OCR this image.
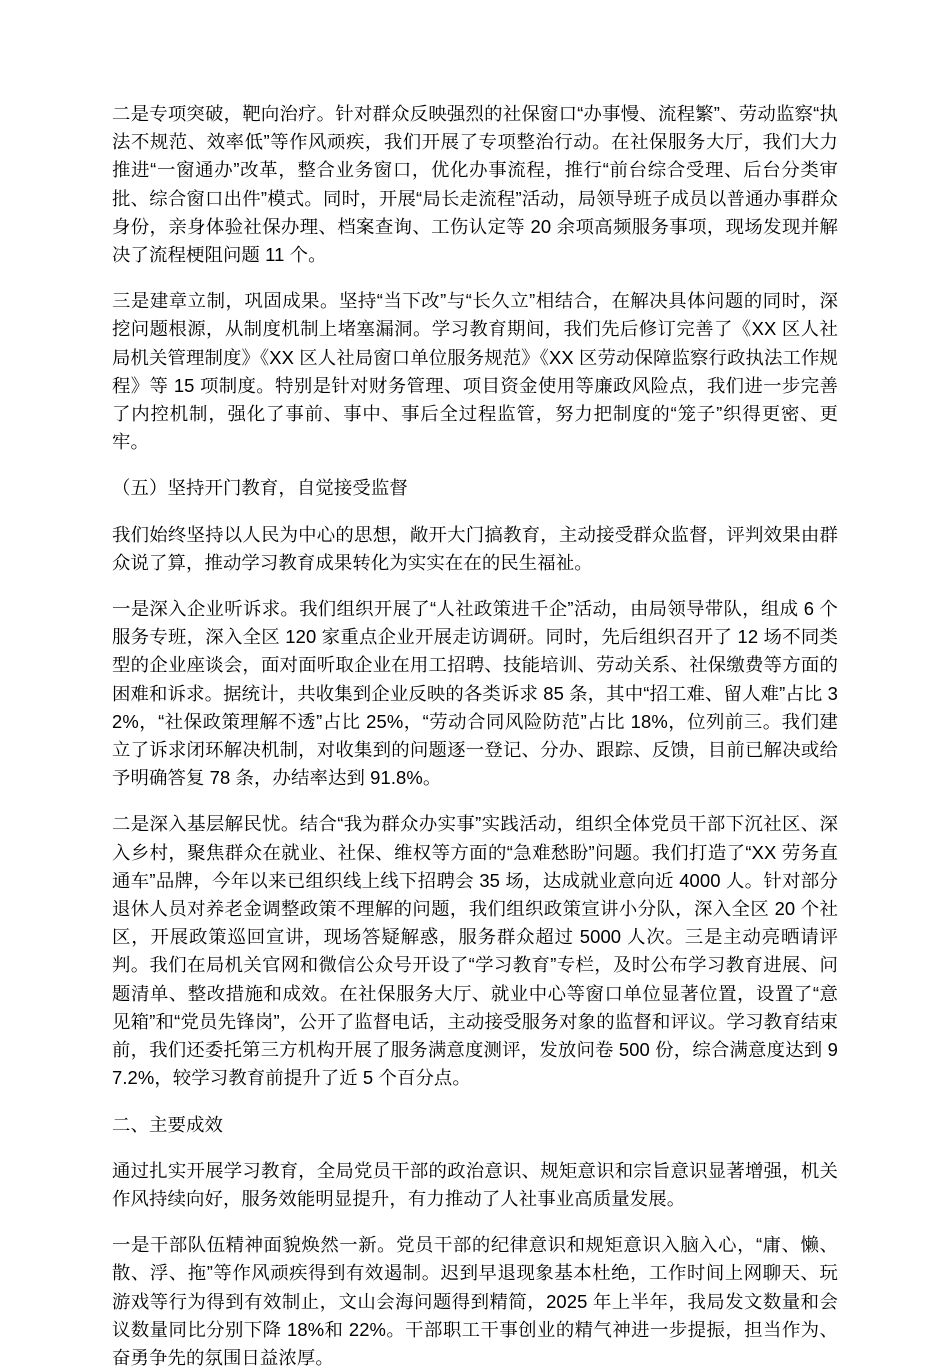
二是专项突破，靶向治疗。针对群众反映强烈的社保窗口“办事慢、流程繁”、劳动监察“执法不规范、效率低”等作风顽疾，我们开展了专项整治行动。在社保服务大厅，我们大力推进“一窗通办”改革，整合业务窗口，优化办事流程，推行“前台综合受理、后台分类审批、综合窗口出件”模式。同时，开展“局长走流程”活动，局领导班子成员以普通办事群众身份，亲身体验社保办理、档案查询、工伤认定等 20 余项高频服务事项，现场发现并解决了流程梗阻问题 11 个。

三是建章立制，巩固成果。坚持“当下改”与“长久立”相结合，在解决具体问题的同时，深挖问题根源，从制度机制上堵塞漏洞。学习教育期间，我们先后修订完善了《XX 区人社局机关管理制度》《XX 区人社局窗口单位服务规范》《XX 区劳动保障监察行政执法工作规程》等 15 项制度。特别是针对财务管理、项目资金使用等廉政风险点，我们进一步完善了内控机制，强化了事前、事中、事后全过程监管，努力把制度的“笼子”织得更密、更牢。

（五）坚持开门教育，自觉接受监督

我们始终坚持以人民为中心的思想，敞开大门搞教育，主动接受群众监督，评判效果由群众说了算，推动学习教育成果转化为实实在在的民生福祉。

一是深入企业听诉求。我们组织开展了“人社政策进千企”活动，由局领导带队，组成 6 个服务专班，深入全区 120 家重点企业开展走访调研。同时，先后组织召开了 12 场不同类型的企业座谈会，面对面听取企业在用工招聘、技能培训、劳动关系、社保缴费等方面的困难和诉求。据统计，共收集到企业反映的各类诉求 85 条，其中“招工难、留人难”占比 32%，“社保政策理解不透”占比 25%，“劳动合同风险防范”占比 18%，位列前三。我们建立了诉求闭环解决机制，对收集到的问题逐一登记、分办、跟踪、反馈，目前已解决或给予明确答复 78 条，办结率达到 91.8%。

二是深入基层解民忧。结合“我为群众办实事”实践活动，组织全体党员干部下沉社区、深入乡村，聚焦群众在就业、社保、维权等方面的“急难愁盼”问题。我们打造了“XX 劳务直通车”品牌，今年以来已组织线上线下招聘会 35 场，达成就业意向近 4000 人。针对部分退休人员对养老金调整政策不理解的问题，我们组织政策宣讲小分队，深入全区 20 个社区，开展政策巡回宣讲，现场答疑解惑，服务群众超过 5000 人次。三是主动亮晒请评判。我们在局机关官网和微信公众号开设了“学习教育”专栏，及时公布学习教育进展、问题清单、整改措施和成效。在社保服务大厅、就业中心等窗口单位显著位置，设置了“意见箱”和“党员先锋岗”，公开了监督电话，主动接受服务对象的监督和评议。学习教育结束前，我们还委托第三方机构开展了服务满意度测评，发放问卷 500 份，综合满意度达到 97.2%，较学习教育前提升了近 5 个百分点。

二、主要成效

通过扎实开展学习教育，全局党员干部的政治意识、规矩意识和宗旨意识显著增强，机关作风持续向好，服务效能明显提升，有力推动了人社事业高质量发展。

一是干部队伍精神面貌焕然一新。党员干部的纪律意识和规矩意识入脑入心，“庸、懒、散、浮、拖”等作风顽疾得到有效遏制。迟到早退现象基本杜绝，工作时间上网聊天、玩游戏等行为得到有效制止，文山会海问题得到精简，2025 年上半年，我局发文数量和会议数量同比分别下降 18%和 22%。干部职工干事创业的精气神进一步提振，担当作为、奋勇争先的氛围日益浓厚。
